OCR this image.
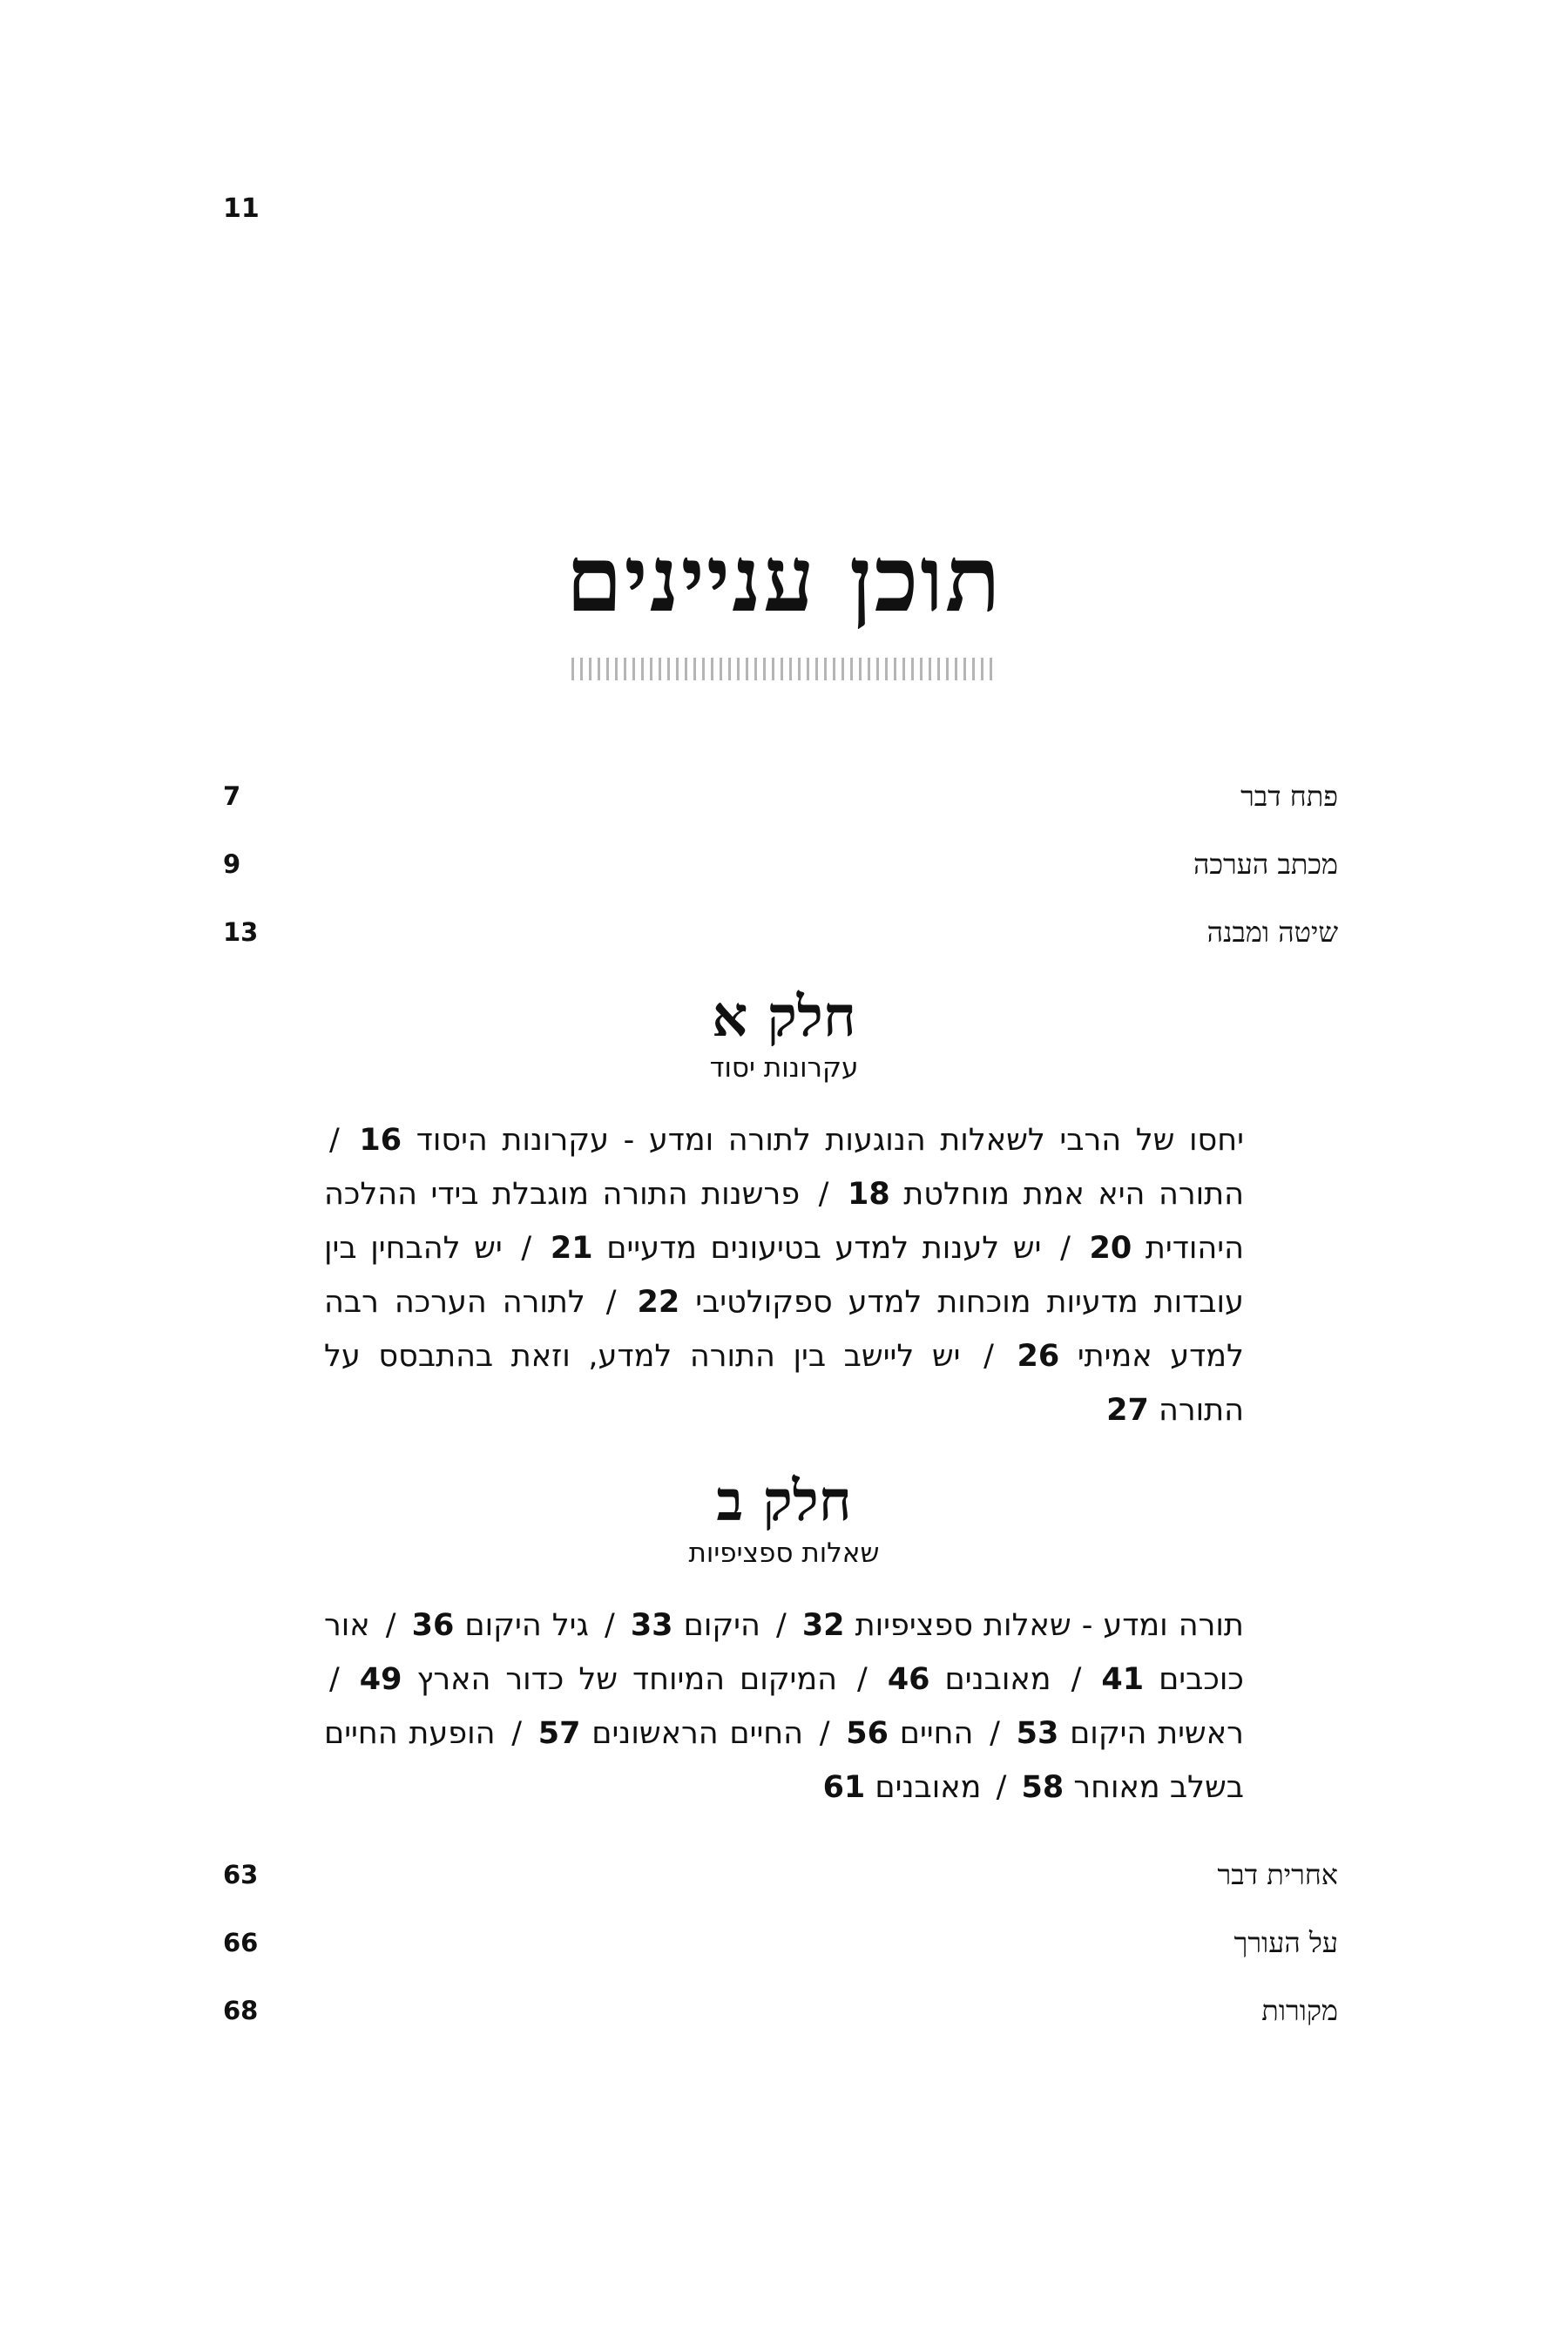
11
תוכן עניינים
פתח דבר
7
מכתב הערכה
9
שיטה ומבנה
13
חלק א
עקרונות יסוד
יחסו של הרבי לשאלות הנוגעות לתורה ומדע - עקרונות היסוד 16 / התורה היא אמת מוחלטת 18 / פרשנות התורה מוגבלת בידי ההלכה היהודית 20 / יש לענות למדע בטיעונים מדעיים 21 / יש להבחין בין עובדות מדעיות מוכחות למדע ספקולטיבי 22 / לתורה הערכה רבה למדע אמיתי 26 / יש ליישב בין התורה למדע, וזאת בהתבסס על התורה 27
חלק ב
שאלות ספציפיות
תורה ומדע - שאלות ספציפיות 32 / היקום 33 / גיל היקום 36 / אור כוכבים 41 / מאובנים 46 / המיקום המיוחד של כדור הארץ 49 / ראשית היקום 53 / החיים 56 / החיים הראשונים 57 / הופעת החיים בשלב מאוחר 58 / מאובנים 61
אחרית דבר
63
על העורך
66
מקורות
68
